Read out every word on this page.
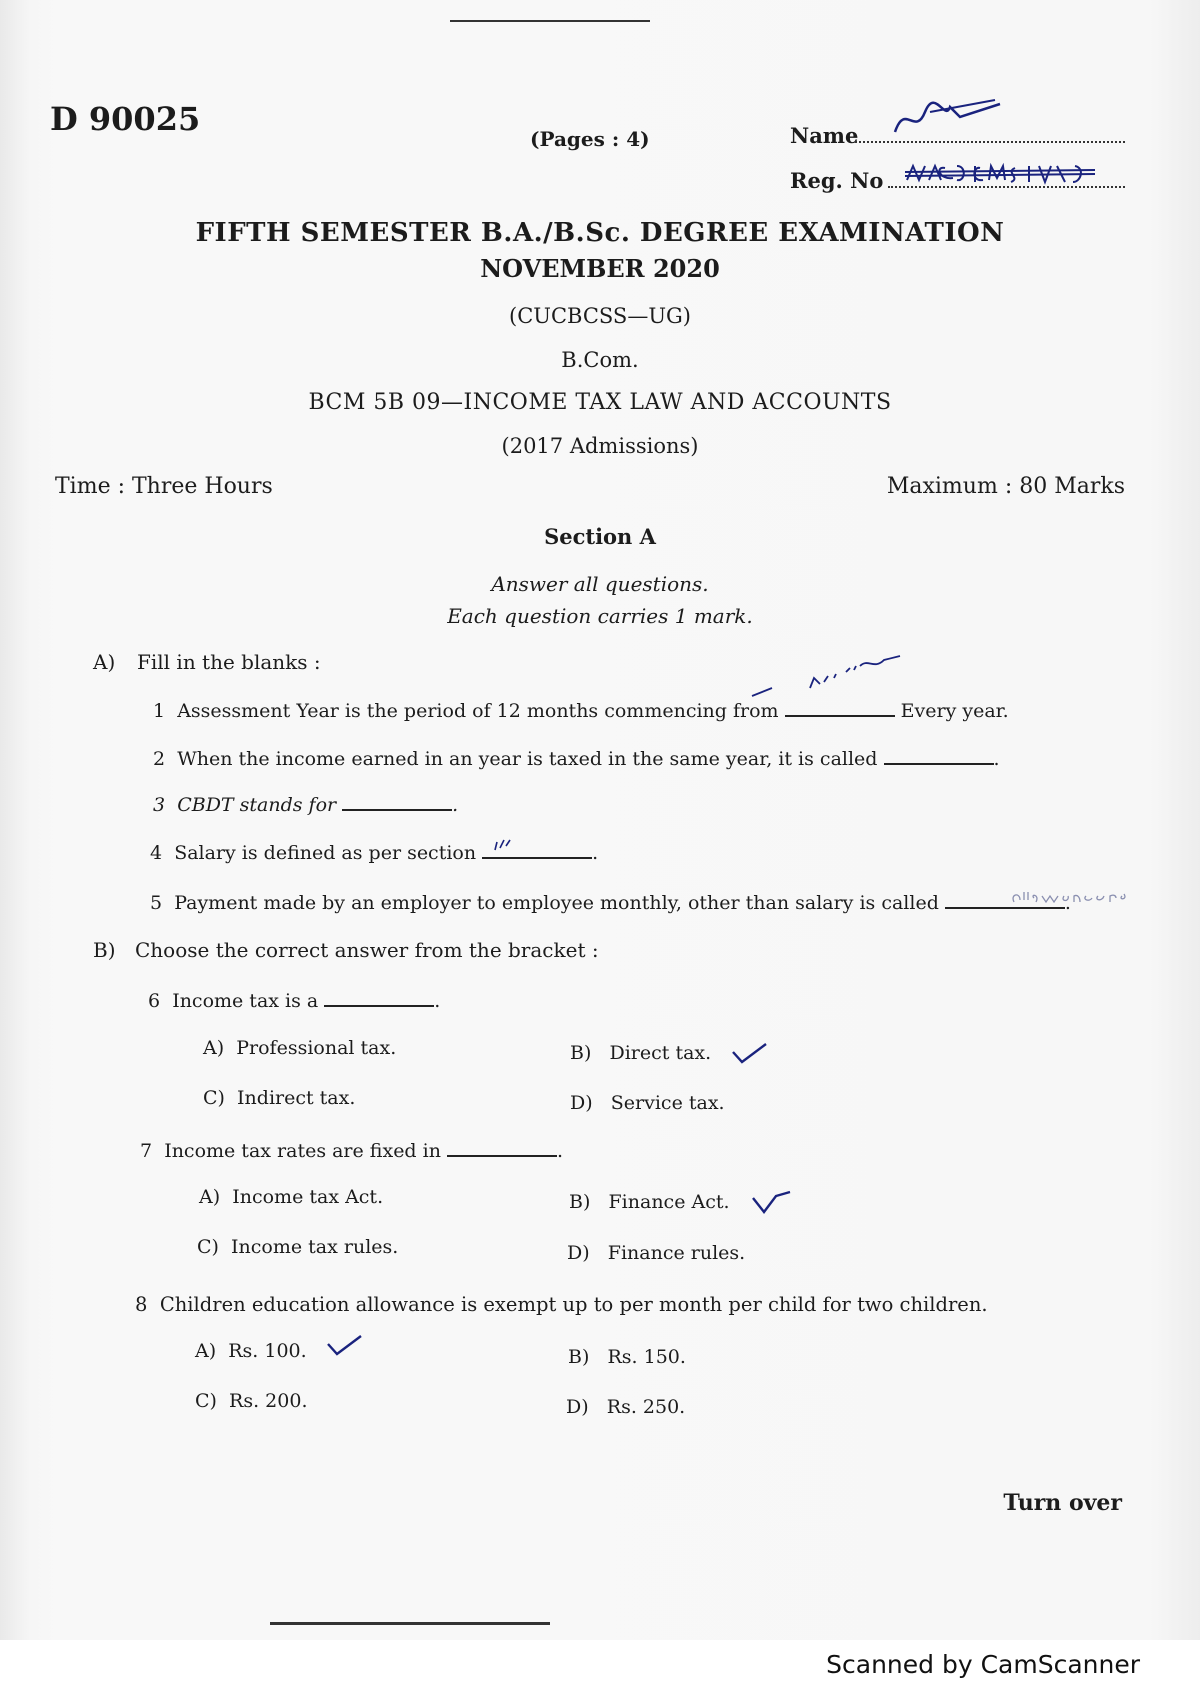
D 90025
(Pages : 4)	Name
Reg. No
FIFTH SEMESTER B.A./B.Sc. DEGREE EXAMINATION
NOVEMBER 2020
(CUCBCSS—UG)
B.Com.
BCM 5B 09—INCOME TAX LAW AND ACCOUNTS
(2017 Admissions)
Time : Three Hours	Maximum : 80 Marks
Section A
Answer all questions.
Each question carries 1 mark.
A) Fill in the blanks :
1 Assessment Year is the period of 12 months commencing from	Every year.
2 When the income earned in an year is taxed in the same year, it is called	.
3 CBDT stands for	.
4 Salary is defined as per section	.
5 Payment made by an employer to employee monthly, other than salary is called	.
B) Choose the correct answer from the bracket :
6 Income tax is a	.
A) Professional tax.	B) Direct tax.
C) Indirect tax.	D) Service tax.
7 Income tax rates are fixed in	.
A) Income tax Act.	B) Finance Act.
C) Income tax rules.	D) Finance rules.
8 Children education allowance is exempt up to per month per child for two children.
A) Rs. 100.	B) Rs. 150.
C) Rs. 200.	D) Rs. 250.
Turn over
Scanned by CamScanner
